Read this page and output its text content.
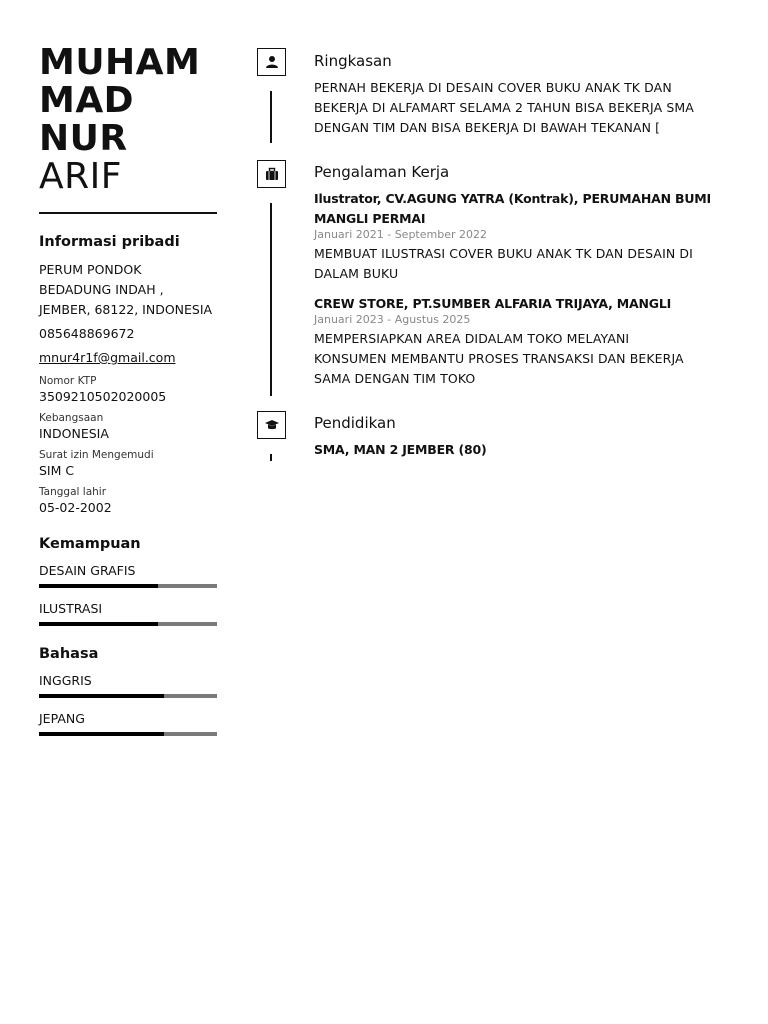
MUHAM
MAD
NUR
ARIF
Informasi pribadi
PERUM PONDOK
BEDADUNG INDAH ,
JEMBER, 68122, INDONESIA
085648869672
mnur4r1f@gmail.com
Nomor KTP
3509210502020005
Kebangsaan
INDONESIA
Surat izin Mengemudi
SIM C
Tanggal lahir
05-02-2002
Kemampuan
DESAIN GRAFIS
ILUSTRASI
Bahasa
INGGRIS
JEPANG
Ringkasan
PERNAH BEKERJA DI DESAIN COVER BUKU ANAK TK DAN
BEKERJA DI ALFAMART SELAMA 2 TAHUN BISA BEKERJA SMA
DENGAN TIM DAN BISA BEKERJA DI BAWAH TEKANAN [
Pengalaman Kerja
Ilustrator, CV.AGUNG YATRA (Kontrak), PERUMAHAN BUMI
MANGLI PERMAI
Januari 2021 - September 2022
MEMBUAT ILUSTRASI COVER BUKU ANAK TK DAN DESAIN DI
DALAM BUKU
CREW STORE, PT.SUMBER ALFARIA TRIJAYA, MANGLI
Januari 2023 - Agustus 2025
MEMPERSIAPKAN AREA DIDALAM TOKO MELAYANI
KONSUMEN MEMBANTU PROSES TRANSAKSI DAN BEKERJA
SAMA DENGAN TIM TOKO
Pendidikan
SMA, MAN 2 JEMBER (80)
